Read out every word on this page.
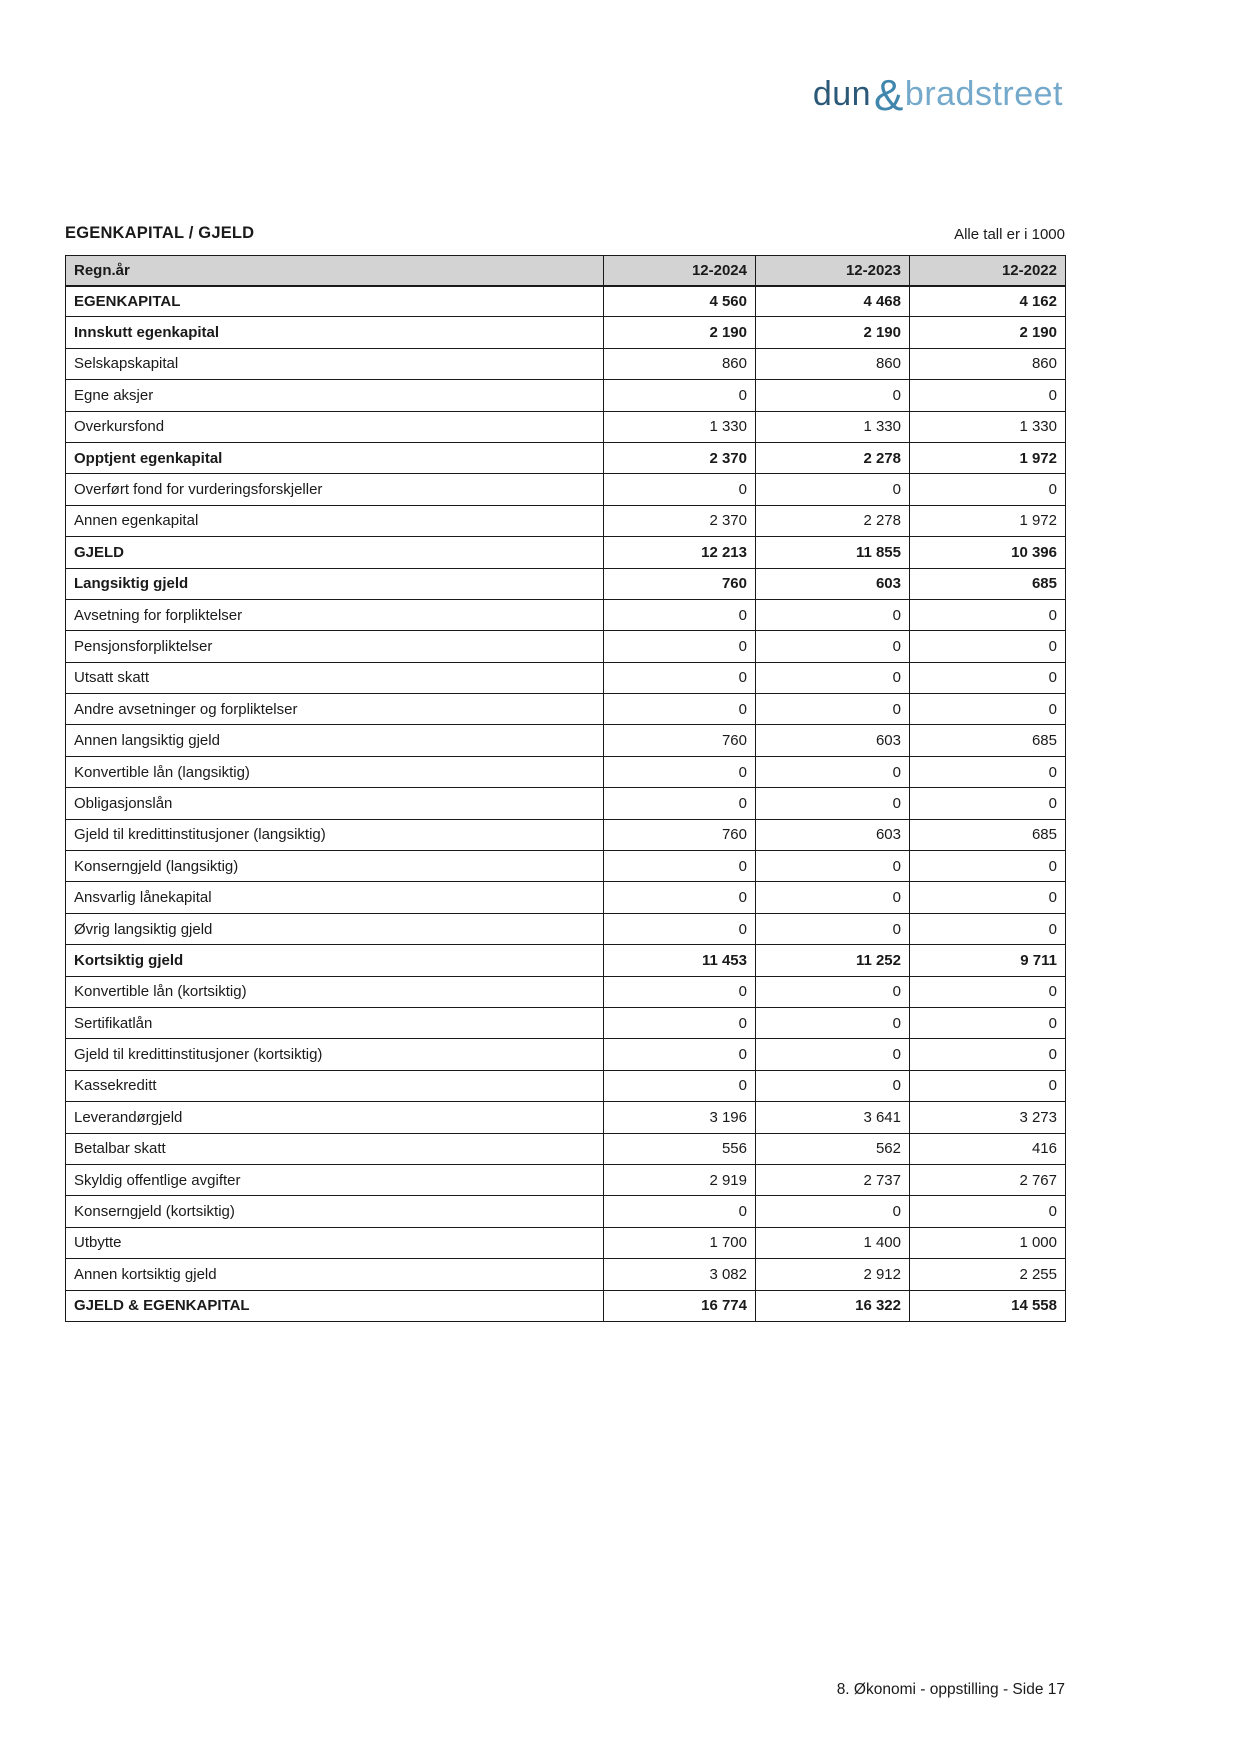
dun&bradstreet
EGENKAPITAL / GJELD	Alle tall er i 1000
Regn.år	12-2024	12-2023	12-2022
EGENKAPITAL	4 560	4 468	4 162
Innskutt egenkapital	2 190	2 190	2 190
Selskapskapital	860	860	860
Egne aksjer	0	0	0
Overkursfond	1 330	1 330	1 330
Opptjent egenkapital	2 370	2 278	1 972
Overført fond for vurderingsforskjeller	0	0	0
Annen egenkapital	2 370	2 278	1 972
GJELD	12 213	11 855	10 396
Langsiktig gjeld	760	603	685
Avsetning for forpliktelser	0	0	0
Pensjonsforpliktelser	0	0	0
Utsatt skatt	0	0	0
Andre avsetninger og forpliktelser	0	0	0
Annen langsiktig gjeld	760	603	685
Konvertible lån (langsiktig)	0	0	0
Obligasjonslån	0	0	0
Gjeld til kredittinstitusjoner (langsiktig)	760	603	685
Konserngjeld (langsiktig)	0	0	0
Ansvarlig lånekapital	0	0	0
Øvrig langsiktig gjeld	0	0	0
Kortsiktig gjeld	11 453	11 252	9 711
Konvertible lån (kortsiktig)	0	0	0
Sertifikatlån	0	0	0
Gjeld til kredittinstitusjoner (kortsiktig)	0	0	0
Kassekreditt	0	0	0
Leverandørgjeld	3 196	3 641	3 273
Betalbar skatt	556	562	416
Skyldig offentlige avgifter	2 919	2 737	2 767
Konserngjeld (kortsiktig)	0	0	0
Utbytte	1 700	1 400	1 000
Annen kortsiktig gjeld	3 082	2 912	2 255
GJELD & EGENKAPITAL	16 774	16 322	14 558
8. Økonomi - oppstilling - Side 17
